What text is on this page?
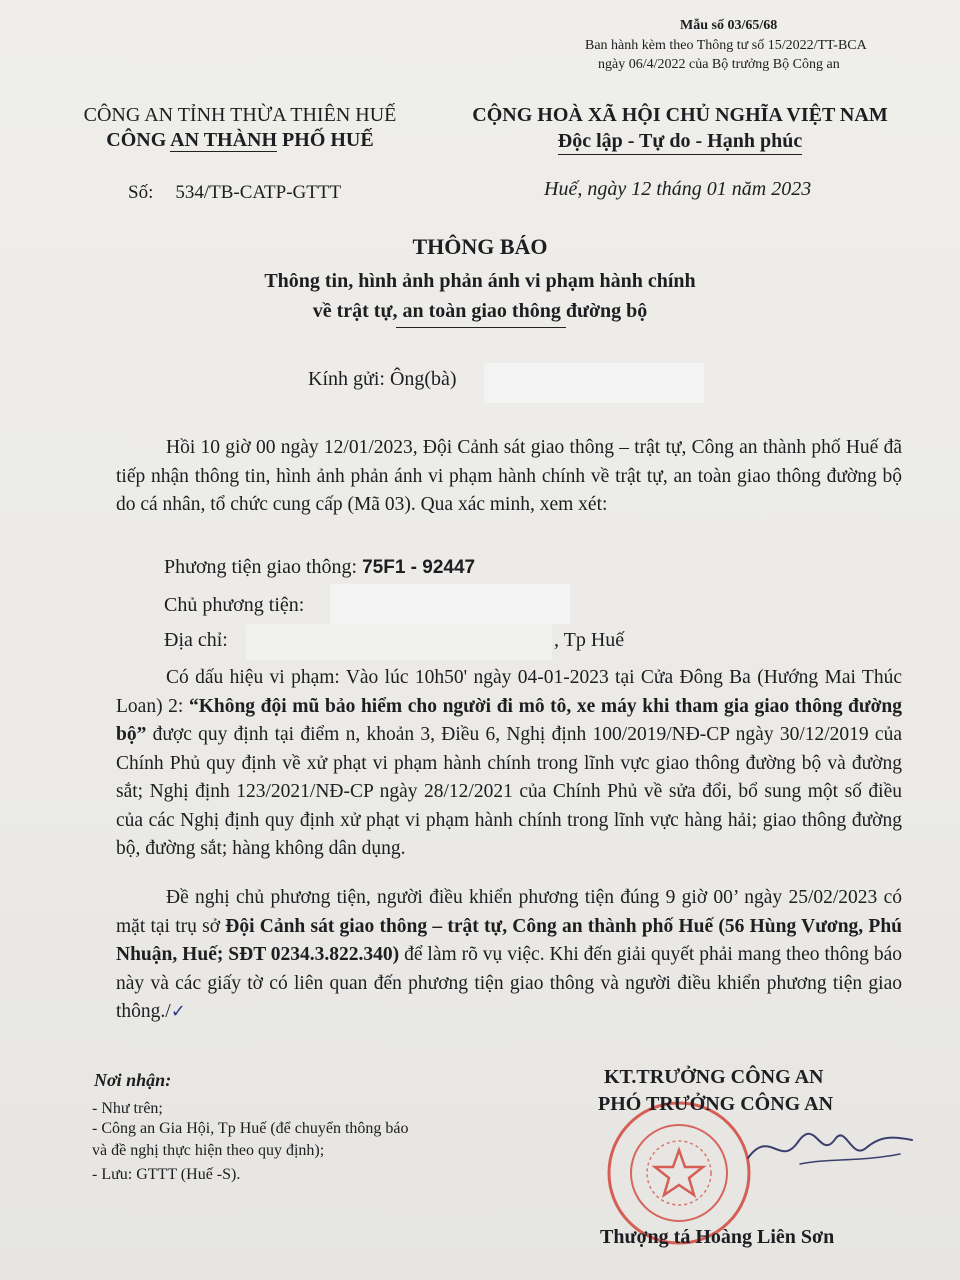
Mẫu số 03/65/68
Ban hành kèm theo Thông tư số 15/2022/TT-BCA
ngày 06/4/2022 của Bộ trưởng Bộ Công an
CÔNG AN TỈNH THỪA THIÊN HUẾ
CÔNG AN THÀNH PHỐ HUẾ
CỘNG HOÀ XÃ HỘI CHỦ NGHĨA VIỆT NAM
Độc lập - Tự do - Hạnh phúc
Số: 534/TB-CATP-GTTT	Huế, ngày 12 tháng 01 năm 2023
THÔNG BÁO
Thông tin, hình ảnh phản ánh vi phạm hành chính
về trật tự, an toàn giao thông đường bộ
Kính gửi: Ông(bà)
Hồi 10 giờ 00 ngày 12/01/2023, Đội Cảnh sát giao thông – trật tự, Công an thành phố Huế đã tiếp nhận thông tin, hình ảnh phản ánh vi phạm hành chính về trật tự, an toàn giao thông đường bộ do cá nhân, tổ chức cung cấp (Mã 03). Qua xác minh, xem xét:
Phương tiện giao thông: 75F1 - 92447
Chủ phương tiện:
Địa chỉ:	, Tp Huế
Có dấu hiệu vi phạm: Vào lúc 10h50' ngày 04-01-2023 tại Cửa Đông Ba (Hướng Mai Thúc Loan) 2: “Không đội mũ bảo hiểm cho người đi mô tô, xe máy khi tham gia giao thông đường bộ” được quy định tại điểm n, khoản 3, Điều 6, Nghị định 100/2019/NĐ-CP ngày 30/12/2019 của Chính Phủ quy định về xử phạt vi phạm hành chính trong lĩnh vực giao thông đường bộ và đường sắt; Nghị định 123/2021/NĐ-CP ngày 28/12/2021 của Chính Phủ về sửa đổi, bổ sung một số điều của các Nghị định quy định xử phạt vi phạm hành chính trong lĩnh vực hàng hải; giao thông đường bộ, đường sắt; hàng không dân dụng.
Đề nghị chủ phương tiện, người điều khiển phương tiện đúng 9 giờ 00’ ngày 25/02/2023 có mặt tại trụ sở Đội Cảnh sát giao thông – trật tự, Công an thành phố Huế (56 Hùng Vương, Phú Nhuận, Huế; SĐT 0234.3.822.340) để làm rõ vụ việc. Khi đến giải quyết phải mang theo thông báo này và các giấy tờ có liên quan đến phương tiện giao thông và người điều khiển phương tiện giao thông./✓
Nơi nhận:
- Như trên;
- Công an Gia Hội, Tp Huế (để chuyển thông báo
và đề nghị thực hiện theo quy định);
- Lưu: GTTT (Huế -S).
KT.TRƯỞNG CÔNG AN
PHÓ TRƯỞNG CÔNG AN
Thượng tá Hoàng Liên Sơn
